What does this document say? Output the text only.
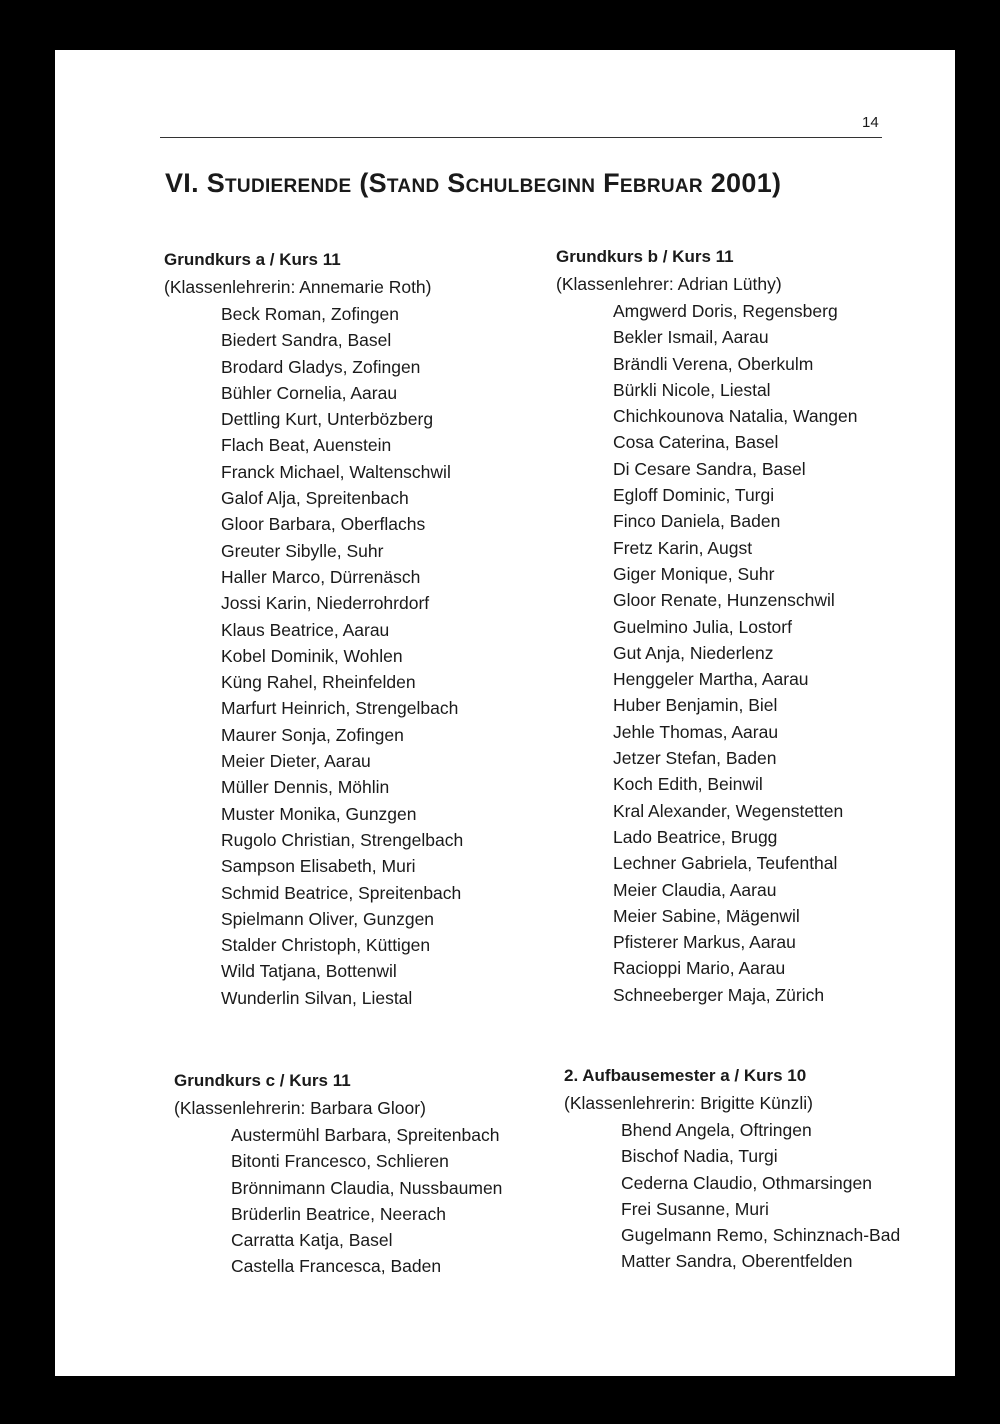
14
VI. Studierende (Stand Schulbeginn Februar 2001)
Grundkurs a / Kurs 11
(Klassenlehrerin: Annemarie Roth)
Beck Roman, Zofingen
Biedert Sandra, Basel
Brodard Gladys, Zofingen
Bühler Cornelia, Aarau
Dettling Kurt, Unterbözberg
Flach Beat, Auenstein
Franck Michael, Waltenschwil
Galof Alja, Spreitenbach
Gloor Barbara, Oberflachs
Greuter Sibylle, Suhr
Haller Marco, Dürrenäsch
Jossi Karin, Niederrohrdorf
Klaus Beatrice, Aarau
Kobel Dominik, Wohlen
Küng Rahel, Rheinfelden
Marfurt Heinrich, Strengelbach
Maurer Sonja, Zofingen
Meier Dieter, Aarau
Müller Dennis, Möhlin
Muster Monika, Gunzgen
Rugolo Christian, Strengelbach
Sampson Elisabeth, Muri
Schmid Beatrice, Spreitenbach
Spielmann Oliver, Gunzgen
Stalder Christoph, Küttigen
Wild Tatjana, Bottenwil
Wunderlin Silvan, Liestal
Grundkurs b / Kurs 11
(Klassenlehrer: Adrian Lüthy)
Amgwerd Doris, Regensberg
Bekler Ismail, Aarau
Brändli Verena, Oberkulm
Bürkli Nicole, Liestal
Chichkounova Natalia, Wangen
Cosa Caterina, Basel
Di Cesare Sandra, Basel
Egloff Dominic, Turgi
Finco Daniela, Baden
Fretz Karin, Augst
Giger Monique, Suhr
Gloor Renate, Hunzenschwil
Guelmino Julia, Lostorf
Gut Anja, Niederlenz
Henggeler Martha, Aarau
Huber Benjamin, Biel
Jehle Thomas, Aarau
Jetzer Stefan, Baden
Koch Edith, Beinwil
Kral Alexander, Wegenstetten
Lado Beatrice, Brugg
Lechner Gabriela, Teufenthal
Meier Claudia, Aarau
Meier Sabine, Mägenwil
Pfisterer Markus, Aarau
Racioppi Mario, Aarau
Schneeberger Maja, Zürich
Grundkurs c / Kurs 11
(Klassenlehrerin: Barbara Gloor)
Austermühl Barbara, Spreitenbach
Bitonti Francesco, Schlieren
Brönnimann Claudia, Nussbaumen
Brüderlin Beatrice, Neerach
Carratta Katja, Basel
Castella Francesca, Baden
2. Aufbausemester a / Kurs 10
(Klassenlehrerin: Brigitte Künzli)
Bhend Angela, Oftringen
Bischof Nadia, Turgi
Cederna Claudio, Othmarsingen
Frei Susanne, Muri
Gugelmann Remo, Schinznach-Bad
Matter Sandra, Oberentfelden
